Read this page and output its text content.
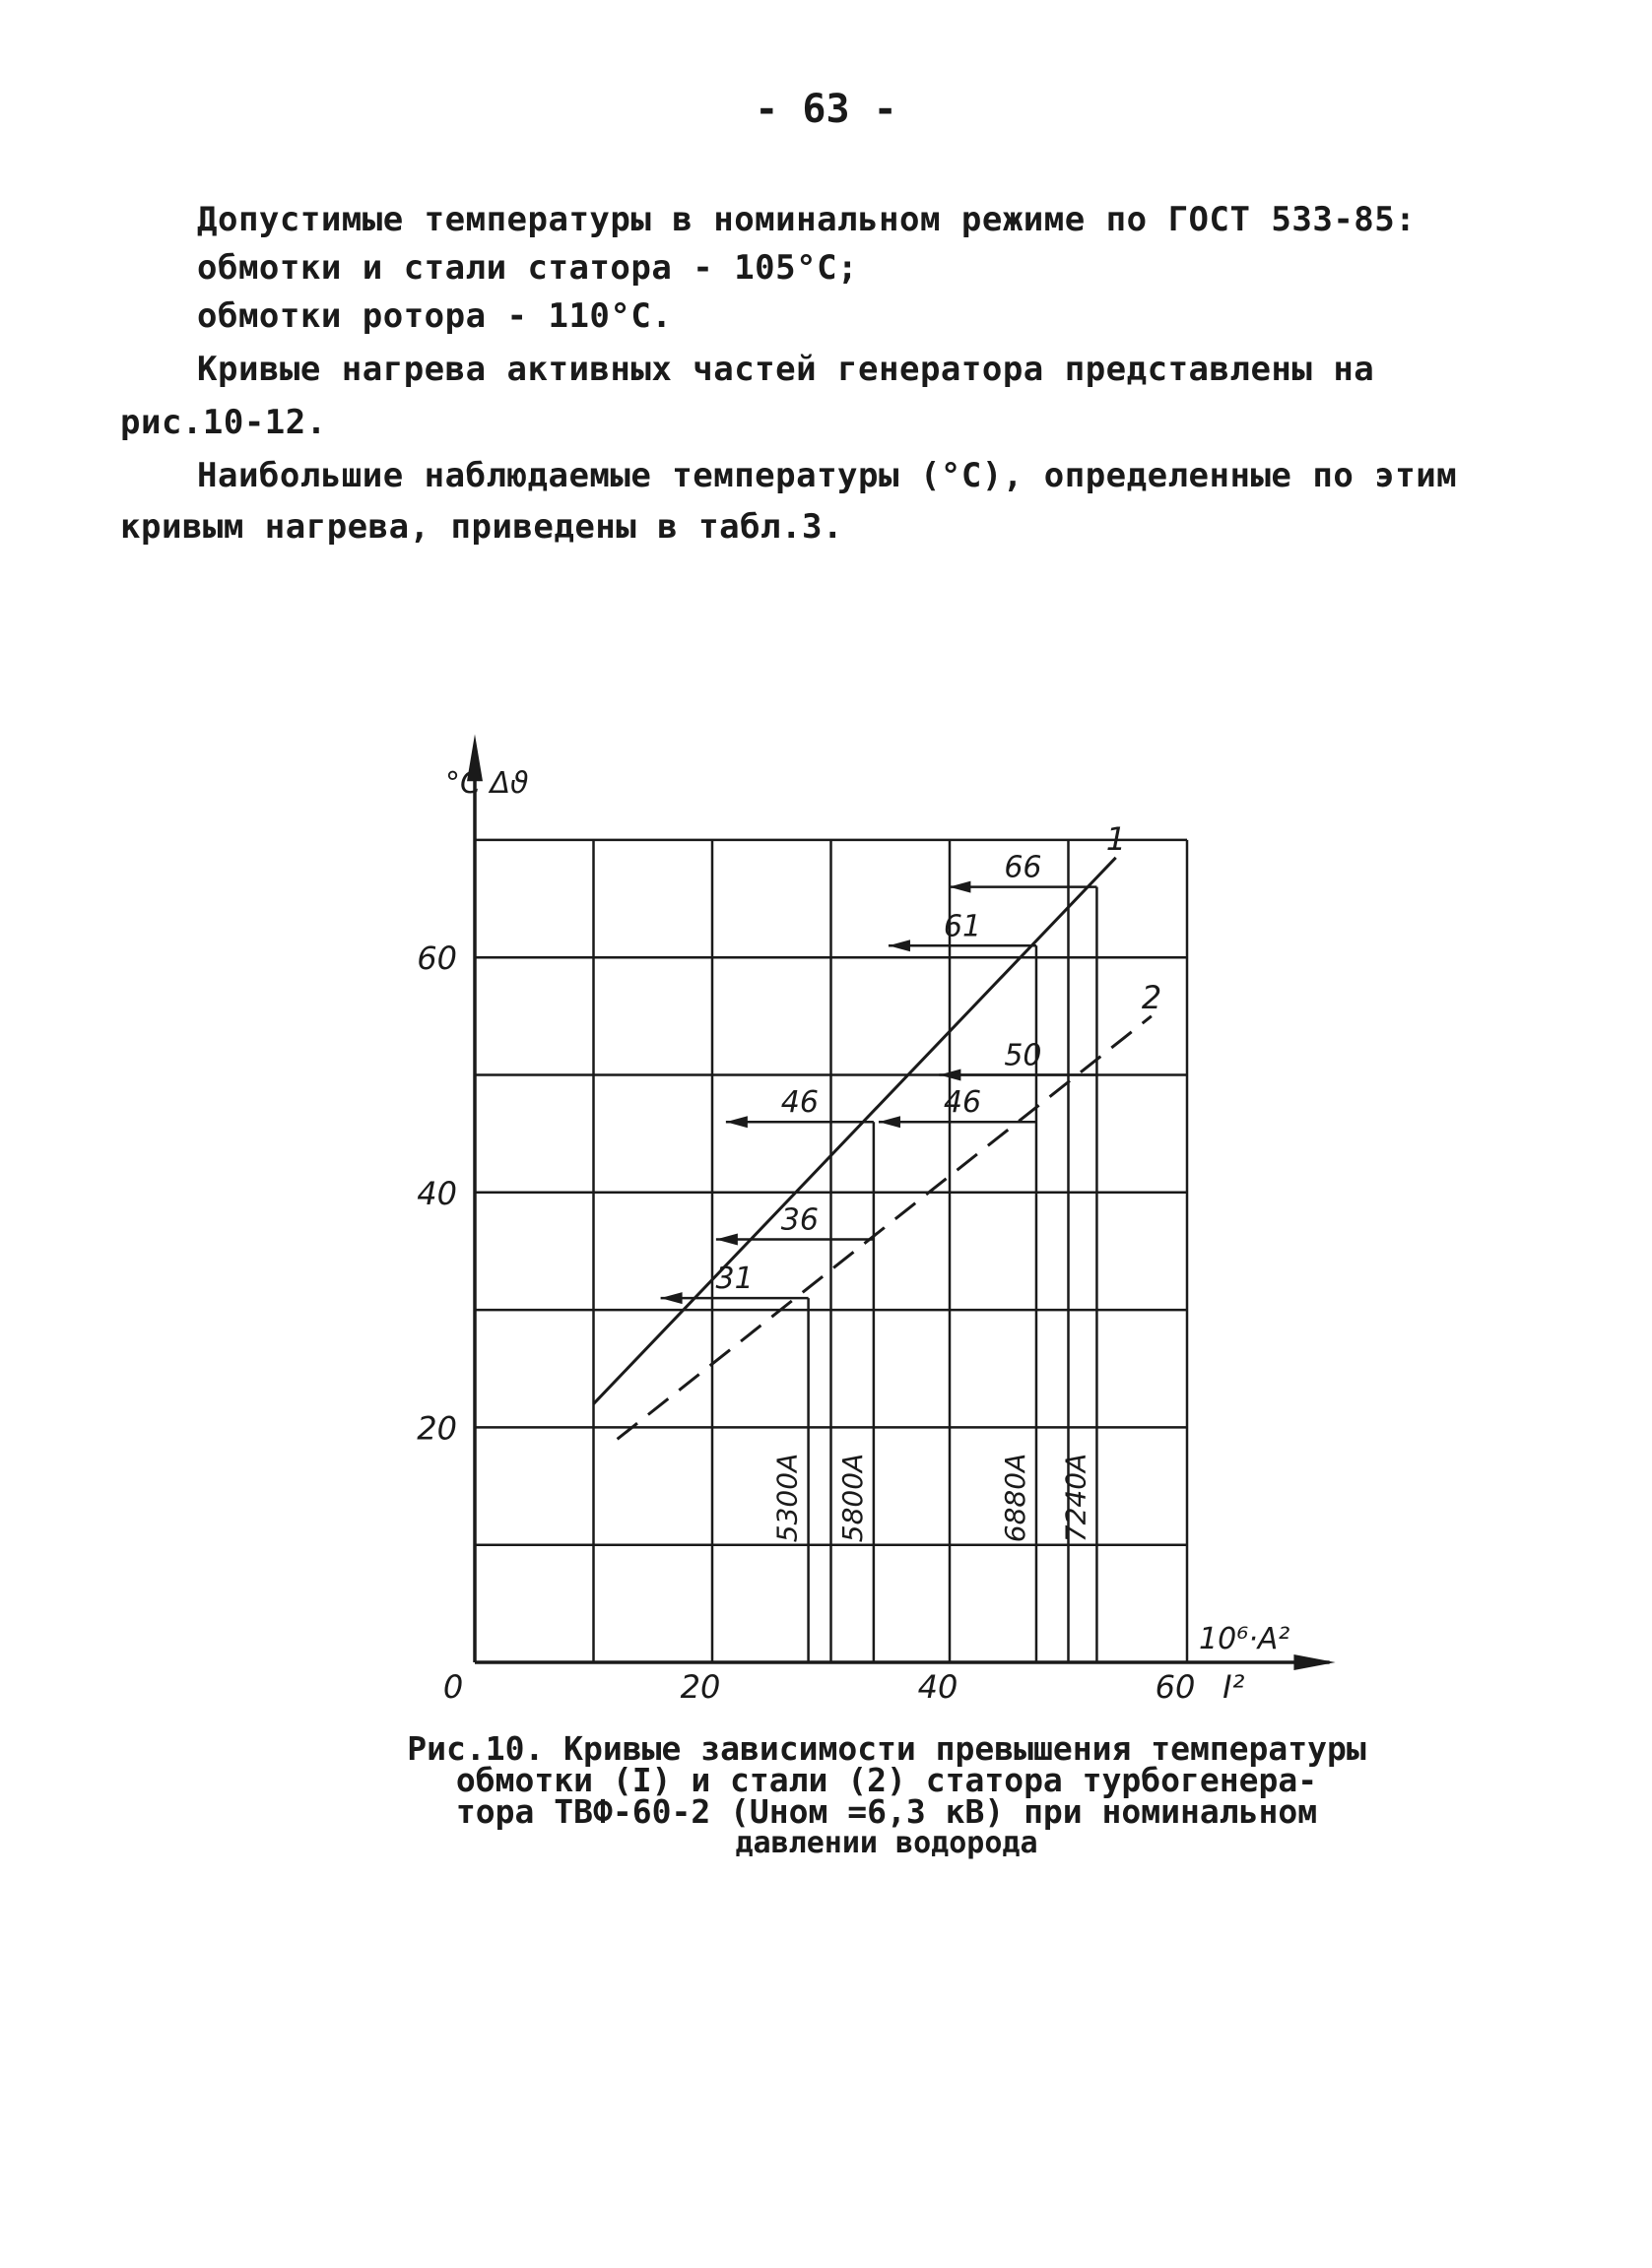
- 63 -
Допустимые температуры в номинальном режиме по ГОСТ 533-85:
обмотки и стали статора - 105°C;
обмотки ротора - 110°C.
Кривые нагрева активных частей генератора представлены на
рис.10-12.
Наибольшие наблюдаемые температуры (°C), определенные по этим
кривым нагрева, приведены в табл.3.
31
36
46	46
61
50
66
5300A 5800A	6880A 7240A
1
2
0	20	40	60
20
40
60
°C Δϑ
10⁶·A²
I²
Рис.10. Кривые зависимости превышения температуры
обмотки (I) и стали (2) статора турбогенера-
тора ТВФ-60-2 (Uном =6,3 кВ) при номинальном
давлении водорода
